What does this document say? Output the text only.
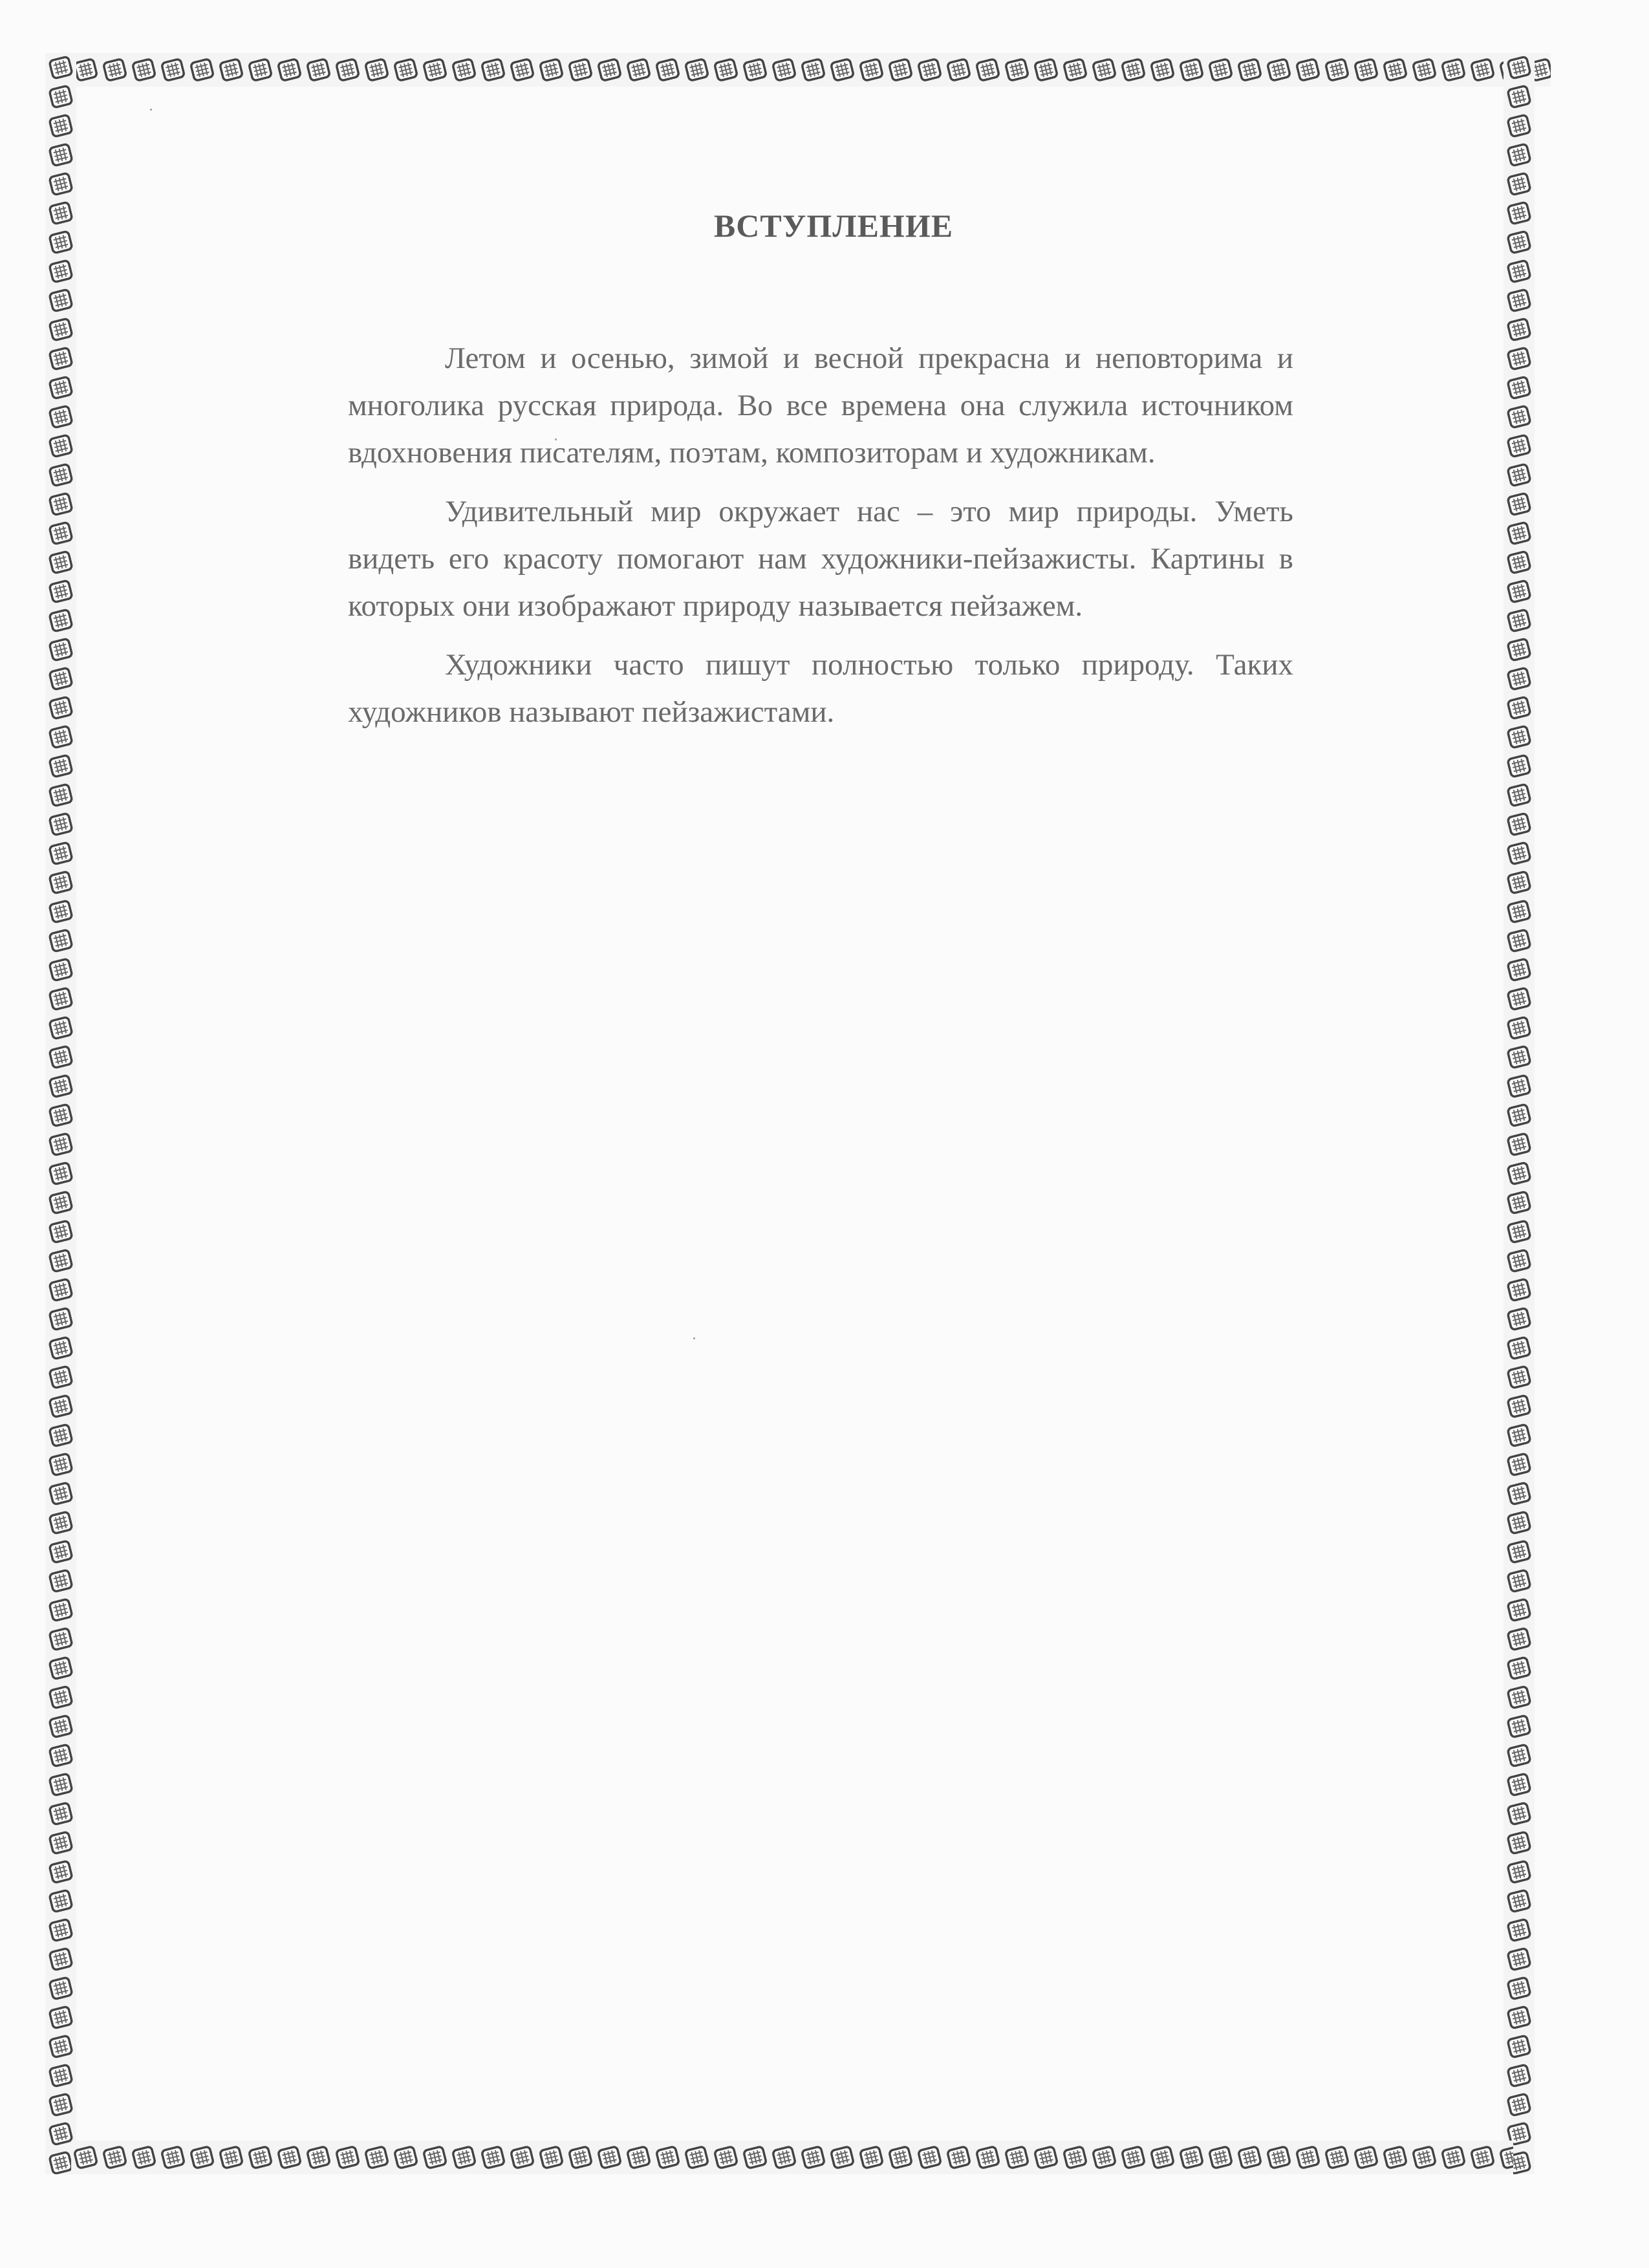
ВСТУПЛЕНИЕ

Летом и осенью, зимой и весной прекрасна и неповторима и многолика русская природа. Во все времена она служила источником вдохновения писателям, поэтам, композиторам и художникам.

Удивительный мир окружает нас – это мир природы. Уметь видеть его красоту помогают нам художники-пейзажисты. Картины в которых они изображают природу называется пейзажем.

Художники часто пишут полностью только природу. Таких художников называют пейзажистами.
